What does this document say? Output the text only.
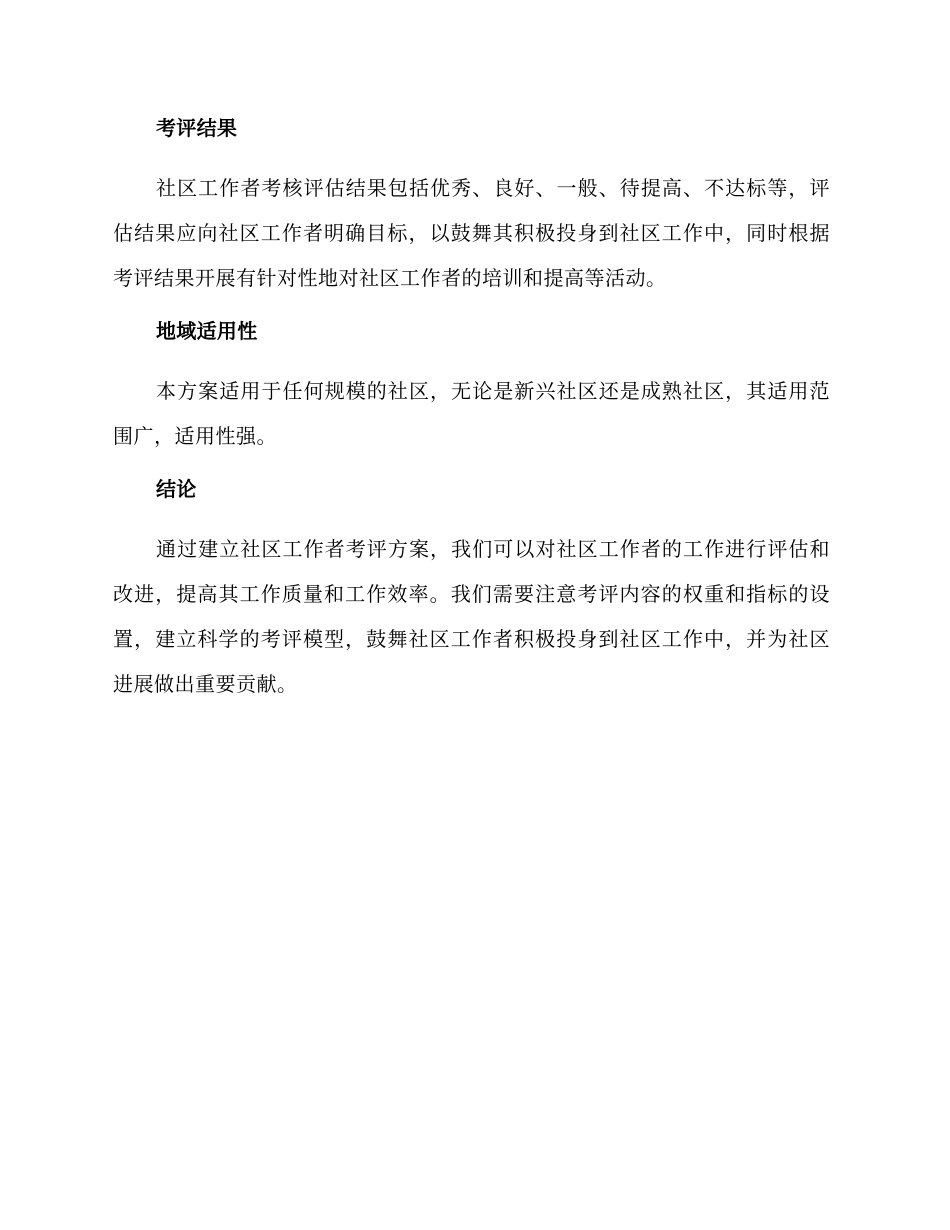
考评结果

社区工作者考核评估结果包括优秀、良好、一般、待提高、不达标等，评估结果应向社区工作者明确目标，以鼓舞其积极投身到社区工作中，同时根据考评结果开展有针对性地对社区工作者的培训和提高等活动。

地域适用性

本方案适用于任何规模的社区，无论是新兴社区还是成熟社区，其适用范围广，适用性强。

结论

通过建立社区工作者考评方案，我们可以对社区工作者的工作进行评估和改进，提高其工作质量和工作效率。我们需要注意考评内容的权重和指标的设置，建立科学的考评模型，鼓舞社区工作者积极投身到社区工作中，并为社区进展做出重要贡献。
